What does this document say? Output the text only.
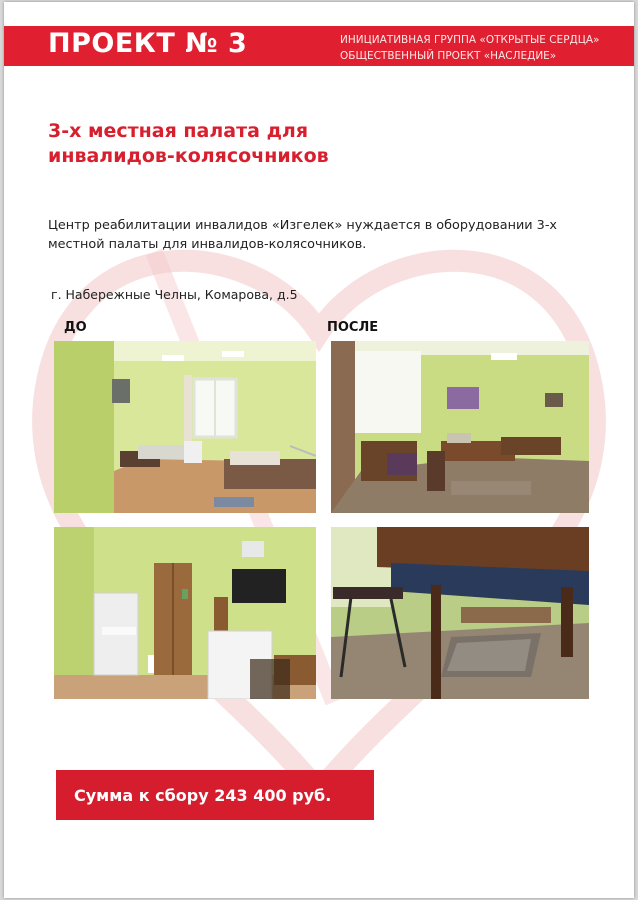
ПРОЕКТ № 3	ИНИЦИАТИВНАЯ ГРУППА «ОТКРЫТЫЕ СЕРДЦА»
ОБЩЕСТВЕННЫЙ ПРОЕКТ «НАСЛЕДИЕ»
3-х местная палата для
инвалидов-колясочников
Центр реабилитации инвалидов «Изгелек» нуждается в оборудовании 3-х местной палаты для инвалидов-колясочников.
г. Набережные Челны, Комарова, д.5
ДО	ПОСЛЕ
Сумма к сбору 243 400 руб.
